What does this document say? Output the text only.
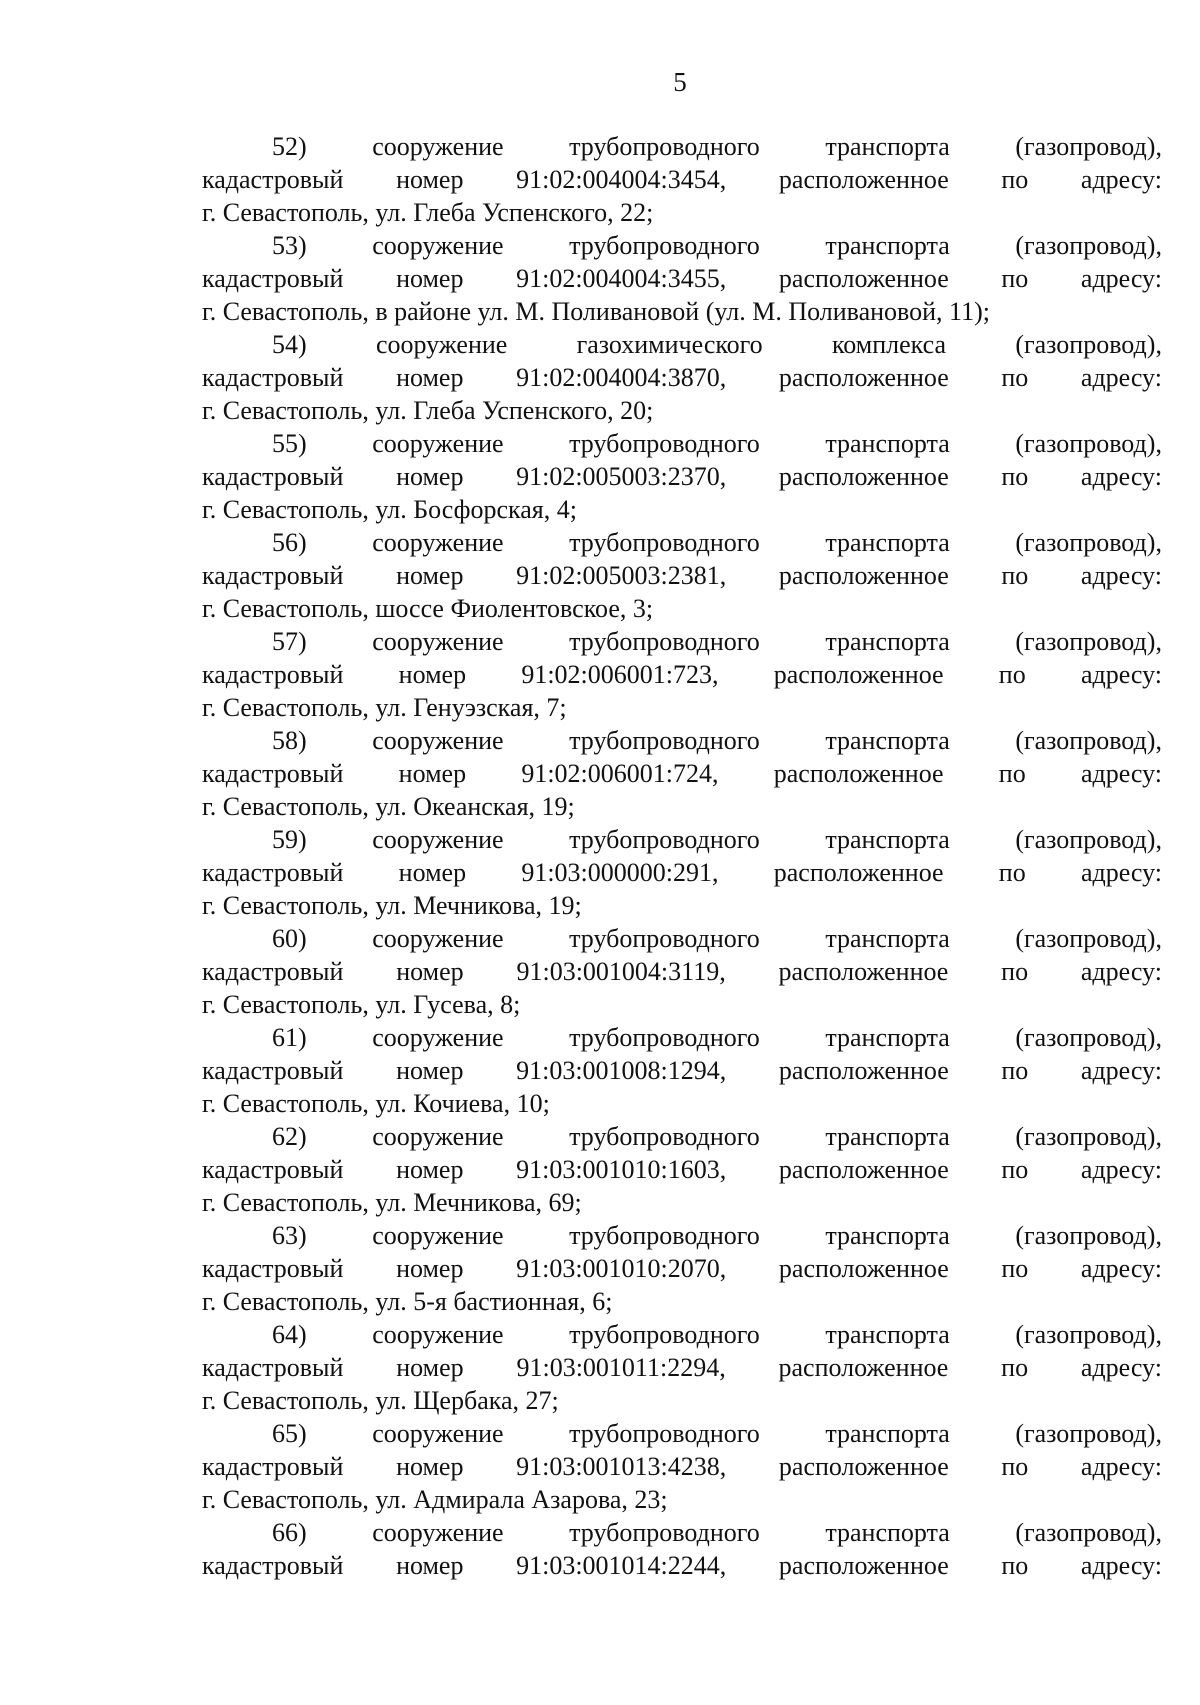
5
52)	сооружение	трубопроводного	транспорта	(газопровод),
кадастровый номер 91:02:004004:3454, расположенное по адресу:
г. Севастополь, ул. Глеба Успенского, 22;
53)	сооружение	трубопроводного	транспорта	(газопровод),
кадастровый номер 91:02:004004:3455, расположенное по адресу:
г. Севастополь, в районе ул. М. Поливановой (ул. М. Поливановой, 11);
54)	сооружение	газохимического	комплекса	(газопровод),
кадастровый номер 91:02:004004:3870, расположенное по адресу:
г. Севастополь, ул. Глеба Успенского, 20;
55)	сооружение	трубопроводного	транспорта	(газопровод),
кадастровый номер 91:02:005003:2370, расположенное по адресу:
г. Севастополь, ул. Босфорская, 4;
56)	сооружение	трубопроводного	транспорта	(газопровод),
кадастровый номер 91:02:005003:2381, расположенное по адресу:
г. Севастополь, шоссе Фиолентовское, 3;
57)	сооружение	трубопроводного	транспорта	(газопровод),
кадастровый номер 91:02:006001:723, расположенное по адресу:
г. Севастополь, ул. Генуэзская, 7;
58)	сооружение	трубопроводного	транспорта	(газопровод),
кадастровый номер 91:02:006001:724, расположенное по адресу:
г. Севастополь, ул. Океанская, 19;
59)	сооружение	трубопроводного	транспорта	(газопровод),
кадастровый номер 91:03:000000:291, расположенное по адресу:
г. Севастополь, ул. Мечникова, 19;
60)	сооружение	трубопроводного	транспорта	(газопровод),
кадастровый номер 91:03:001004:3119, расположенное по адресу:
г. Севастополь, ул. Гусева, 8;
61)	сооружение	трубопроводного	транспорта	(газопровод),
кадастровый номер 91:03:001008:1294, расположенное по адресу:
г. Севастополь, ул. Кочиева, 10;
62)	сооружение	трубопроводного	транспорта	(газопровод),
кадастровый номер 91:03:001010:1603, расположенное по адресу:
г. Севастополь, ул. Мечникова, 69;
63)	сооружение	трубопроводного	транспорта	(газопровод),
кадастровый номер 91:03:001010:2070, расположенное по адресу:
г. Севастополь, ул. 5-я бастионная, 6;
64)	сооружение	трубопроводного	транспорта	(газопровод),
кадастровый номер 91:03:001011:2294, расположенное по адресу:
г. Севастополь, ул. Щербака, 27;
65)	сооружение	трубопроводного	транспорта	(газопровод),
кадастровый номер 91:03:001013:4238, расположенное по адресу:
г. Севастополь, ул. Адмирала Азарова, 23;
66)	сооружение	трубопроводного	транспорта	(газопровод),
кадастровый номер 91:03:001014:2244, расположенное по адресу:
